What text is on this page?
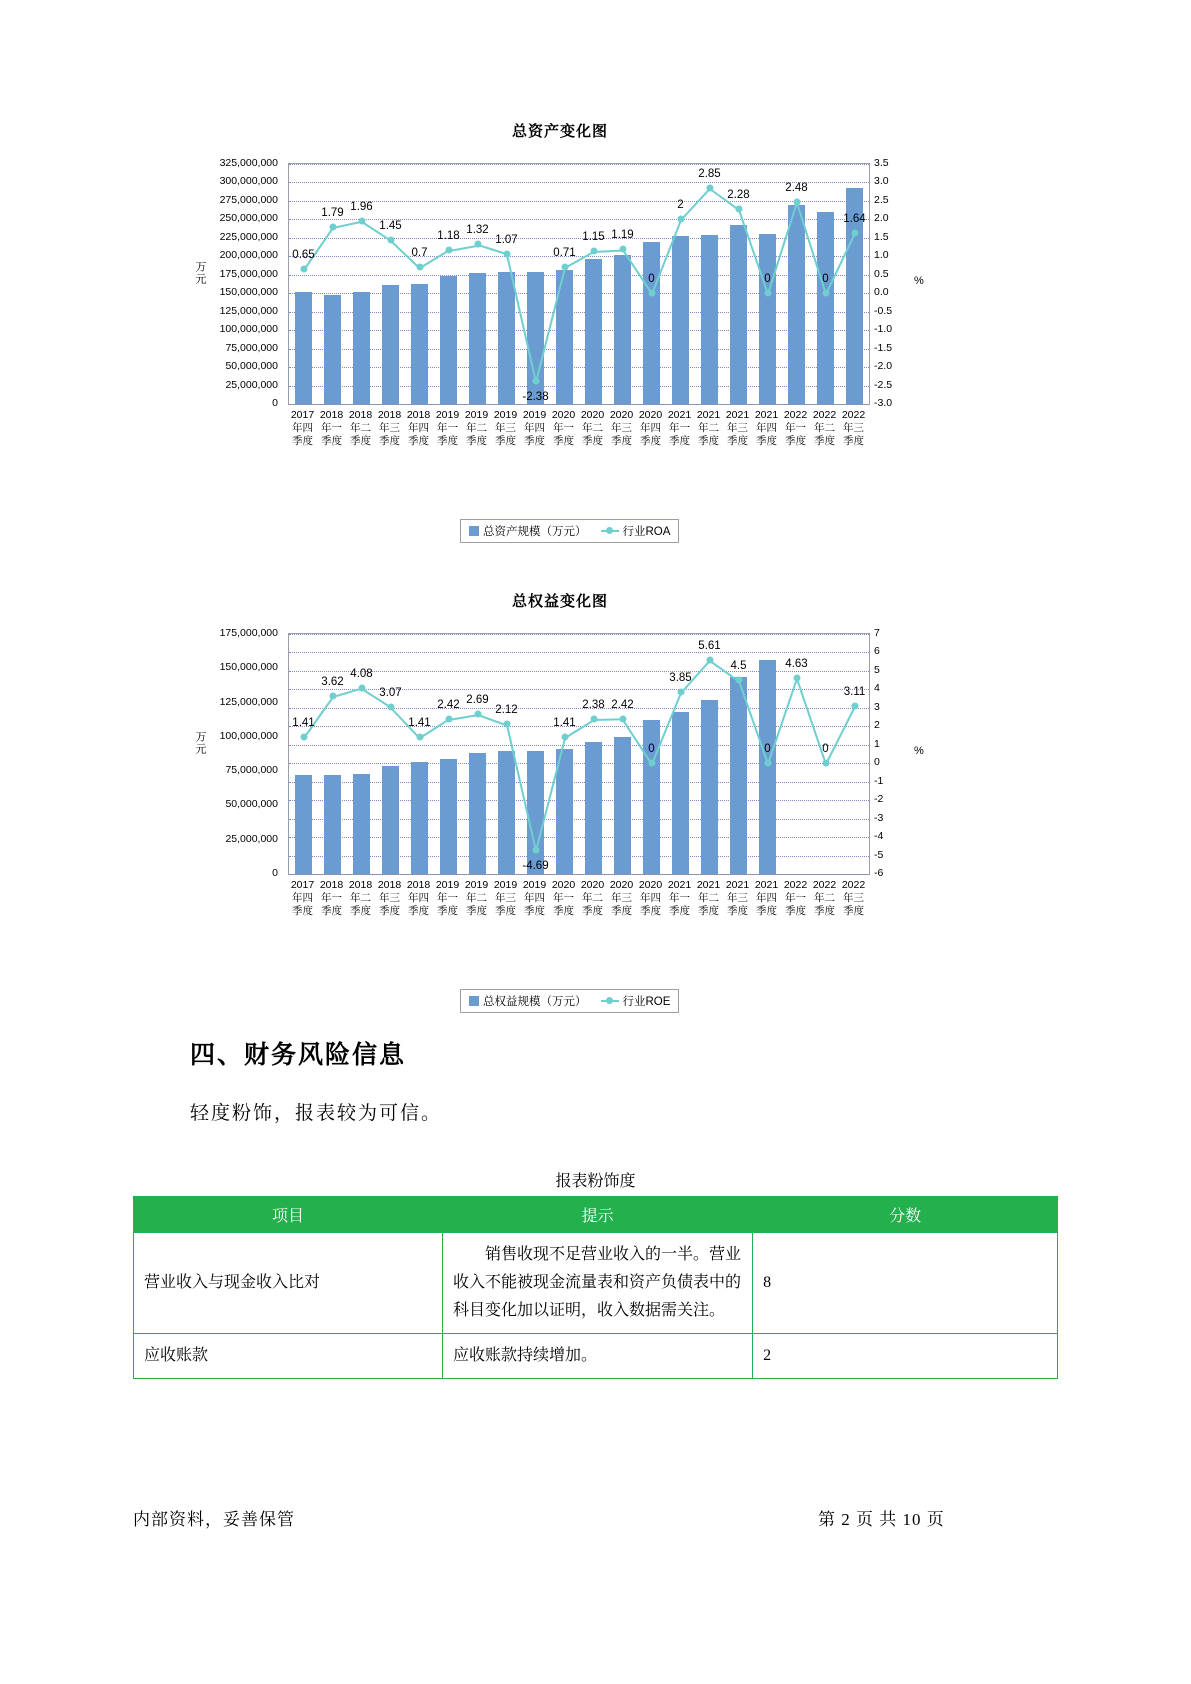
总资产变化图
0.65
1.79
1.96
1.45
0.7
1.18 1.32
1.07
-2.38
0.71
1.15 1.19
0
2
2.85
2.28
0
2.48
0
1.64
0
25,000,000
50,000,000
75,000,000
100,000,000
125,000,000
150,000,000
175,000,000
200,000,000
225,000,000
250,000,000
275,000,000
300,000,000
325,000,000
-3.0
-2.5
-2.0
-1.5
-1.0
-0.5
0.0
0.5
1.0
1.5
2.0
2.5
3.0
3.5
万元	%
2017年四季度
2018年一季度
2018年二季度
2018年三季度
2018年四季度
2019年一季度
2019年二季度
2019年三季度
2019年四季度
2020年一季度
2020年二季度
2020年三季度
2020年四季度
2021年一季度
2021年二季度
2021年三季度
2021年四季度
2022年一季度
2022年二季度
2022年三季度
总资产规模（万元）	行业ROA
总权益变化图
1.41
3.62
4.08
3.07
1.41
2.42 2.69
2.12
-4.69
1.41
2.38 2.42
0
3.85
5.61
4.5
0
4.63
0
3.11
0
25,000,000
50,000,000
75,000,000
100,000,000
125,000,000
150,000,000
175,000,000
-6
-5
-4
-3
-2
-1
0
1
2
3
4
5
6
7
万元	%
2017年四季度
2018年一季度
2018年二季度
2018年三季度
2018年四季度
2019年一季度
2019年二季度
2019年三季度
2019年四季度
2020年一季度
2020年二季度
2020年三季度
2020年四季度
2021年一季度
2021年二季度
2021年三季度
2021年四季度
2022年一季度
2022年二季度
2022年三季度
总权益规模（万元）	行业ROE
四、财务风险信息
轻度粉饰，报表较为可信。
报表粉饰度
项目	提示	分数
营业收入与现金收入比对	销售收现不足营业收入的一半。营业收入不能被现金流量表和资产负债表中的科目变化加以证明，收入数据需关注。	8
应收账款	应收账款持续增加。	2
内部资料，妥善保管	第 2 页 共 10 页
